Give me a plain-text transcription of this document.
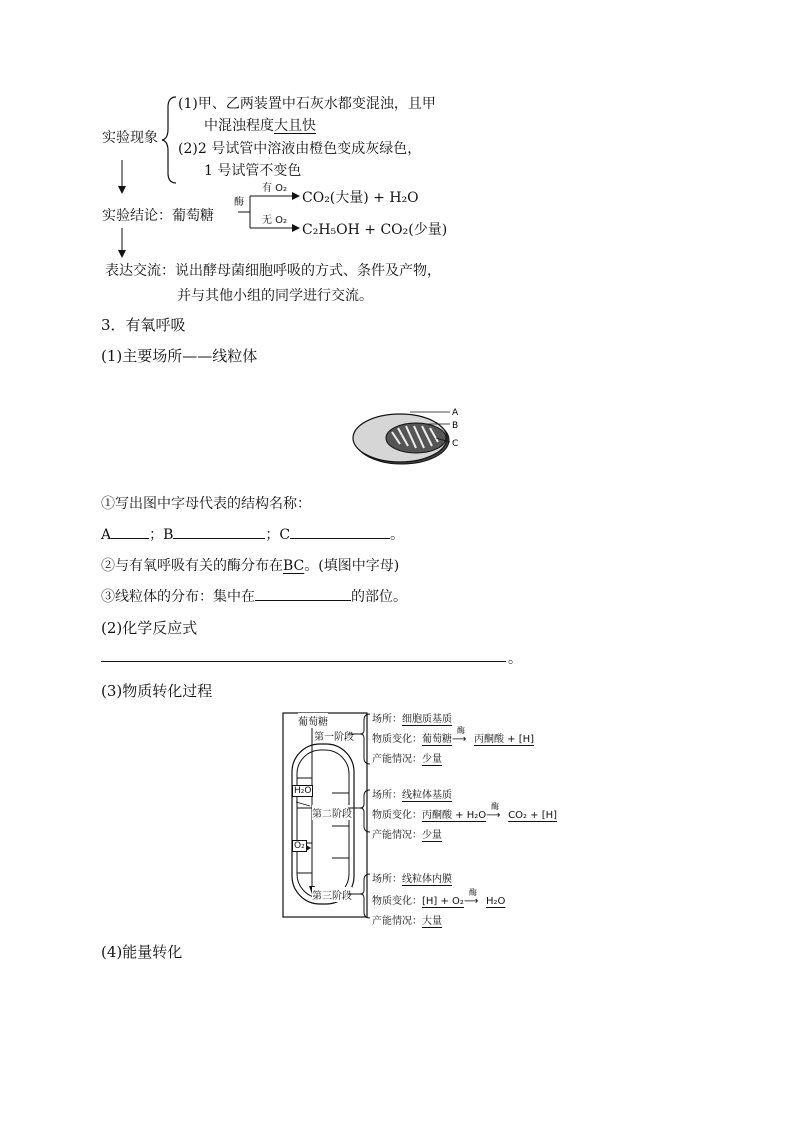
实验现象
(1)甲、乙两装置中石灰水都变混浊，且甲
中混浊程度大且快
(2)2 号试管中溶液由橙色变成灰绿色，
1 号试管不变色
实验结论：葡萄糖
酶
有 O₂
无 O₂
CO₂(大量) + H₂O
C₂H₅OH + CO₂(少量)
表达交流：说出酵母菌细胞呼吸的方式、条件及产物，
并与其他小组的同学进行交流。
3．有氧呼吸
(1)主要场所——线粒体
A
B
C
①写出图中字母代表的结构名称：
A	；B	；C	。
②与有氧呼吸有关的酶分布在BC。(填图中字母)
③线粒体的分布：集中在	的部位。
(2)化学反应式
。
(3)物质转化过程
葡萄糖
第一阶段
H₂O
第二阶段
O₂
第三阶段
场所：细胞质基质
物质变化：葡萄糖
酶
⟶ 丙酮酸 + [H]
产能情况：少量
场所：线粒体基质
物质变化：丙酮酸 + H₂O
酶
⟶ CO₂ + [H]
产能情况：少量
场所：线粒体内膜
物质变化：[H] + O₂
酶
⟶ H₂O
产能情况：大量
(4)能量转化
